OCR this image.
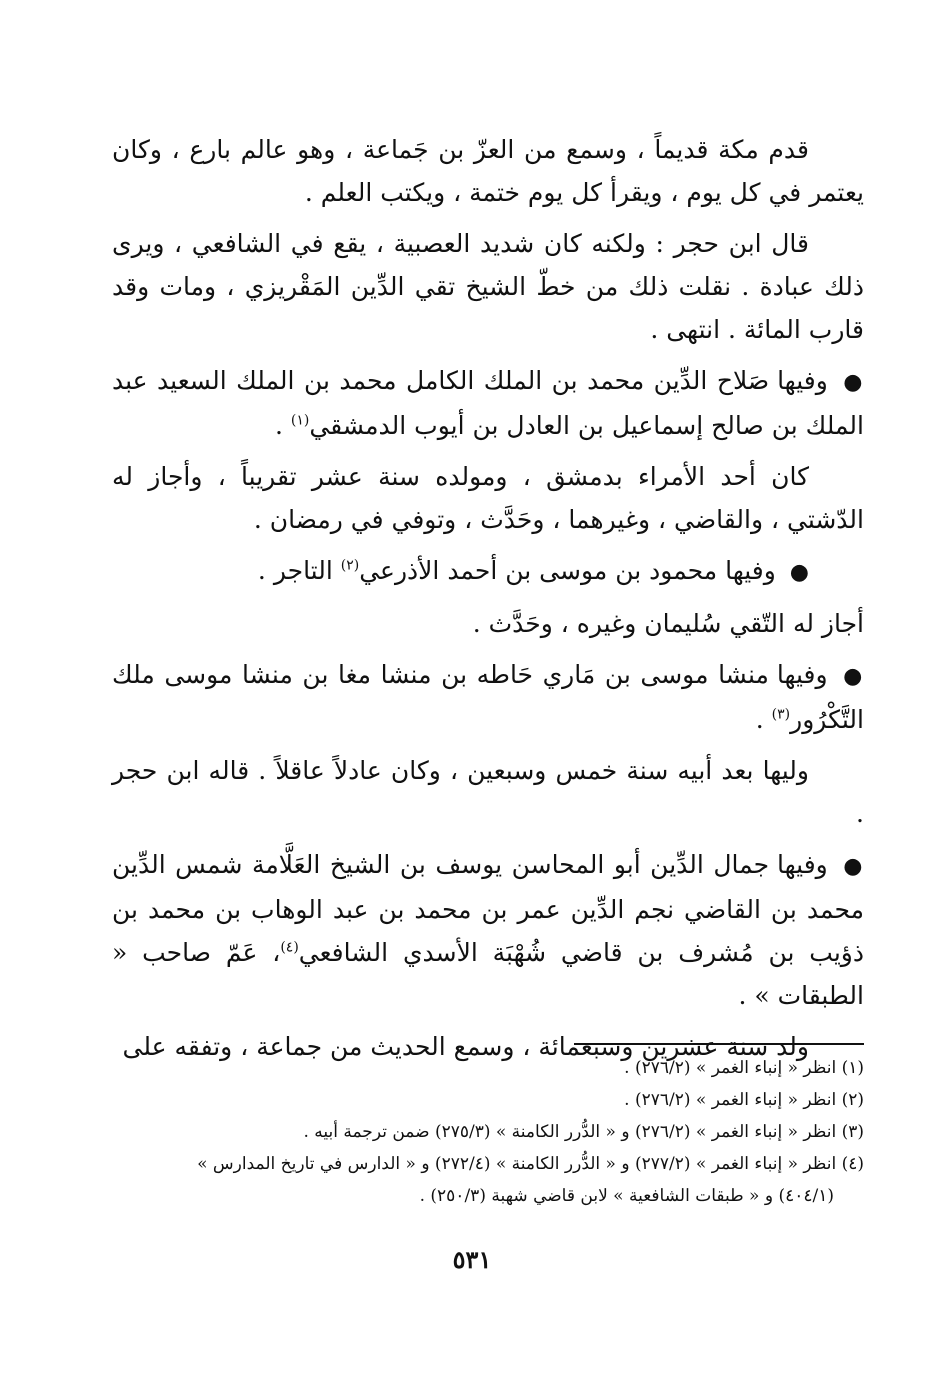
قدم مكة قديماً ، وسمع من العزّ بن جَماعة ، وهو عالم بارع ، وكان يعتمر في كل يوم ، ويقرأ كل يوم ختمة ، ويكتب العلم .

قال ابن حجر : ولكنه كان شديد العصبية ، يقع في الشافعي ، ويرى ذلك عبادة . نقلت ذلك من خطّ الشيخ تقي الدِّين المَقْريزي ، ومات وقد قارب المائة . انتهى .

● وفيها صَلاح الدِّين محمد بن الملك الكامل محمد بن الملك السعيد عبد الملك بن صالح إسماعيل بن العادل بن أيوب الدمشقي$^{(١)}$ .

كان أحد الأمراء بدمشق ، ومولده سنة عشر تقريباً ، وأجاز له الدّشتي ، والقاضي ، وغيرهما ، وحَدَّث ، وتوفي في رمضان .

● وفيها محمود بن موسى بن أحمد الأذرعي$^{(٢)}$ التاجر .

أجاز له التّقي سُليمان وغيره ، وحَدَّث .

● وفيها منشا موسى بن مَاري حَاطه بن منشا مغا بن منشا موسى ملك التَّكْرُور$^{(٣)}$ .

وليها بعد أبيه سنة خمس وسبعين ، وكان عادلاً عاقلاً . قاله ابن حجر .

● وفيها جمال الدِّين أبو المحاسن يوسف بن الشيخ العَلَّامة شمس الدِّين محمد بن القاضي نجم الدِّين عمر بن محمد بن عبد الوهاب بن محمد بن ذؤيب بن مُشرف بن قاضي شُهْبَة الأسدي الشافعي$^{(٤)}$، عَمّ صاحب « الطبقات » .

ولد سنة عشرين وسبعمائة ، وسمع الحديث من جماعة ، وتفقه على

(١) انظر « إنباء الغمر » (٢٧٦/٢) .

(٢) انظر « إنباء الغمر » (٢٧٦/٢) .

(٣) انظر « إنباء الغمر » (٢٧٦/٢) و « الدُّرر الكامنة » (٢٧٥/٣) ضمن ترجمة أبيه .

(٤) انظر « إنباء الغمر » (٢٧٧/٢) و « الدُّرر الكامنة » (٢٧٢/٤) و « الدارس في تاريخ المدارس »

(٤٠٤/١) و « طبقات الشافعية » لابن قاضي شهبة (٢٥٠/٣) .

٥٣١
